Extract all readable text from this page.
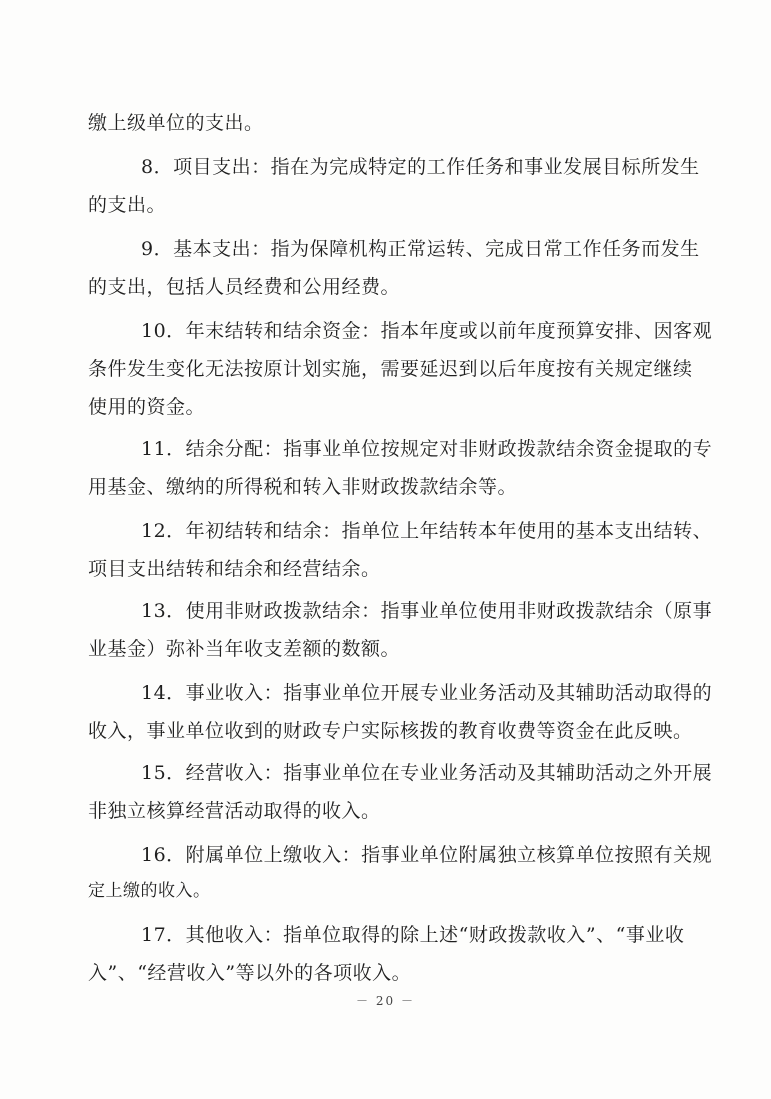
缴上级单位的支出。
8．项目支出：指在为完成特定的工作任务和事业发展目标所发生
的支出。
9．基本支出：指为保障机构正常运转、完成日常工作任务而发生
的支出，包括人员经费和公用经费。
10．年末结转和结余资金：指本年度或以前年度预算安排、因客观
条件发生变化无法按原计划实施，需要延迟到以后年度按有关规定继续
使用的资金。
11．结余分配：指事业单位按规定对非财政拨款结余资金提取的专
用基金、缴纳的所得税和转入非财政拨款结余等。
12．年初结转和结余：指单位上年结转本年使用的基本支出结转、
项目支出结转和结余和经营结余。
13．使用非财政拨款结余：指事业单位使用非财政拨款结余（原事
业基金）弥补当年收支差额的数额。
14．事业收入：指事业单位开展专业业务活动及其辅助活动取得的
收入，事业单位收到的财政专户实际核拨的教育收费等资金在此反映。
15．经营收入：指事业单位在专业业务活动及其辅助活动之外开展
非独立核算经营活动取得的收入。
16．附属单位上缴收入：指事业单位附属独立核算单位按照有关规
定上缴的收入。
17．其他收入：指单位取得的除上述“财政拨款收入”、“事业收
入”、“经营收入”等以外的各项收入。
－ 20 －
